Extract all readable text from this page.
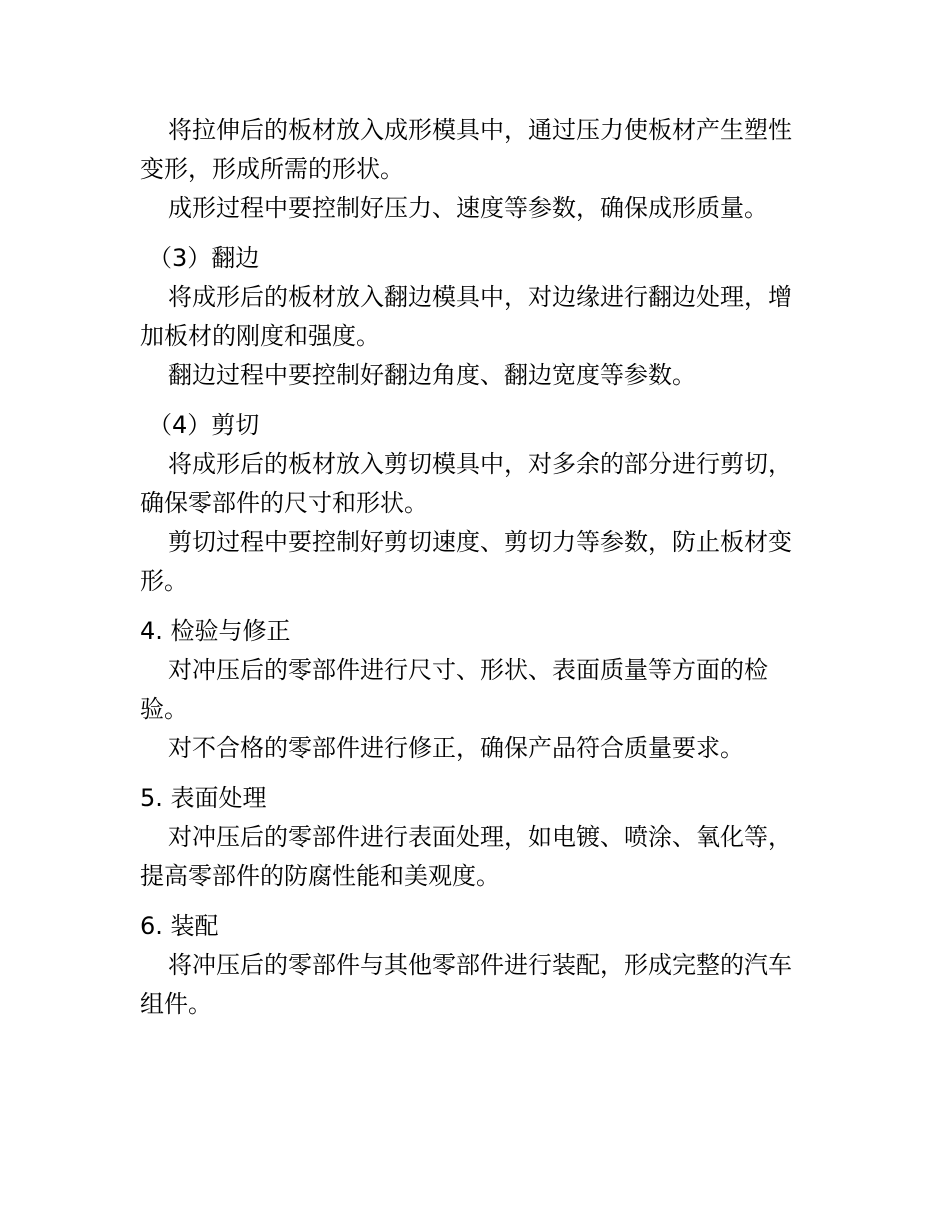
将拉伸后的板材放入成形模具中，通过压力使板材产生塑性变形，形成所需的形状。

成形过程中要控制好压力、速度等参数，确保成形质量。

（3）翻边

将成形后的板材放入翻边模具中，对边缘进行翻边处理，增加板材的刚度和强度。

翻边过程中要控制好翻边角度、翻边宽度等参数。

（4）剪切

将成形后的板材放入剪切模具中，对多余的部分进行剪切，确保零部件的尺寸和形状。

剪切过程中要控制好剪切速度、剪切力等参数，防止板材变形。

4. 检验与修正

对冲压后的零部件进行尺寸、形状、表面质量等方面的检验。

对不合格的零部件进行修正，确保产品符合质量要求。

5. 表面处理

对冲压后的零部件进行表面处理，如电镀、喷涂、氧化等，提高零部件的防腐性能和美观度。

6. 装配

将冲压后的零部件与其他零部件进行装配，形成完整的汽车组件。
